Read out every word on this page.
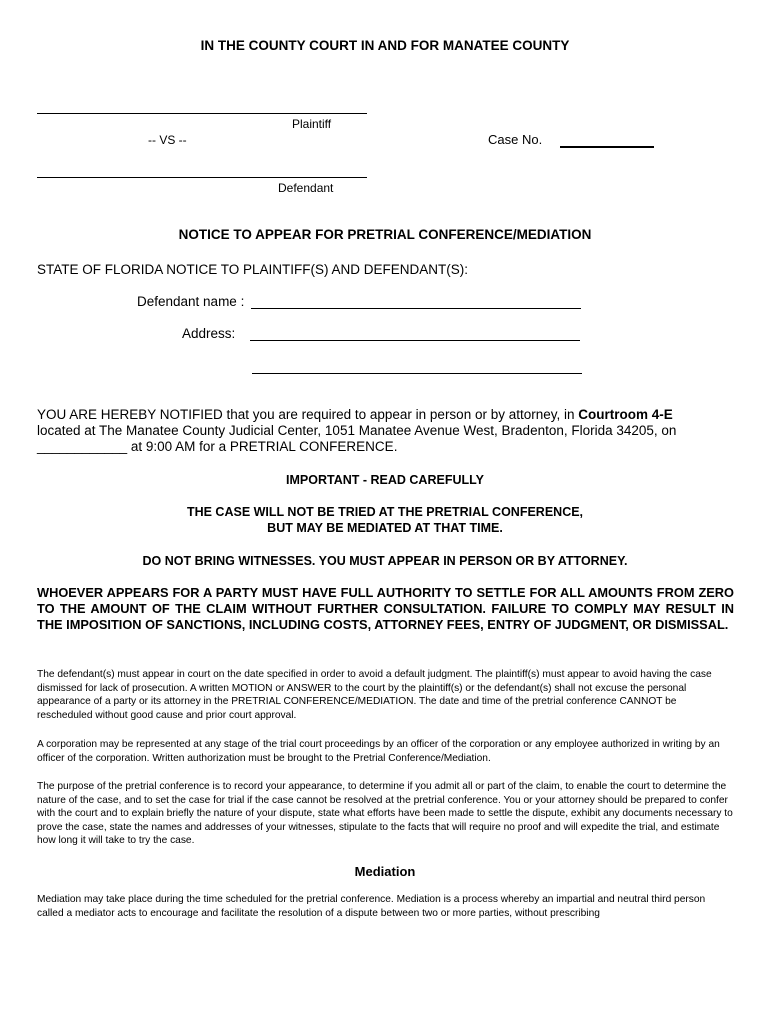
IN THE COUNTY COURT IN AND FOR MANATEE COUNTY
Plaintiff
-- VS --	Case No.
Defendant
NOTICE TO APPEAR FOR PRETRIAL CONFERENCE/MEDIATION
STATE OF FLORIDA NOTICE TO PLAINTIFF(S) AND DEFENDANT(S):
Defendant name :
Address:
YOU ARE HEREBY NOTIFIED that you are required to appear in person or by attorney, in Courtroom 4-E
located at The Manatee County Judicial Center, 1051 Manatee Avenue West, Bradenton, Florida 34205, on
____________ at 9:00 AM for a PRETRIAL CONFERENCE.
IMPORTANT - READ CAREFULLY
THE CASE WILL NOT BE TRIED AT THE PRETRIAL CONFERENCE,
BUT MAY BE MEDIATED AT THAT TIME.
DO NOT BRING WITNESSES. YOU MUST APPEAR IN PERSON OR BY ATTORNEY.
WHOEVER APPEARS FOR A PARTY MUST HAVE FULL AUTHORITY TO SETTLE FOR ALL AMOUNTS FROM ZERO TO THE AMOUNT OF THE CLAIM WITHOUT FURTHER CONSULTATION. FAILURE TO COMPLY MAY RESULT IN THE IMPOSITION OF SANCTIONS, INCLUDING COSTS, ATTORNEY FEES, ENTRY OF JUDGMENT, OR DISMISSAL.
The defendant(s) must appear in court on the date specified in order to avoid a default judgment. The plaintiff(s) must appear to avoid having the case dismissed for lack of prosecution. A written MOTION or ANSWER to the court by the plaintiff(s) or the defendant(s) shall not excuse the personal appearance of a party or its attorney in the PRETRIAL CONFERENCE/MEDIATION. The date and time of the pretrial conference CANNOT be rescheduled without good cause and prior court approval.
A corporation may be represented at any stage of the trial court proceedings by an officer of the corporation or any employee authorized in writing by an officer of the corporation. Written authorization must be brought to the Pretrial Conference/Mediation.
The purpose of the pretrial conference is to record your appearance, to determine if you admit all or part of the claim, to enable the court to determine the nature of the case, and to set the case for trial if the case cannot be resolved at the pretrial conference. You or your attorney should be prepared to confer with the court and to explain briefly the nature of your dispute, state what efforts have been made to settle the dispute, exhibit any documents necessary to prove the case, state the names and addresses of your witnesses, stipulate to the facts that will require no proof and will expedite the trial, and estimate how long it will take to try the case.
Mediation
Mediation may take place during the time scheduled for the pretrial conference. Mediation is a process whereby an impartial and neutral third person called a mediator acts to encourage and facilitate the resolution of a dispute between two or more parties, without prescribing
